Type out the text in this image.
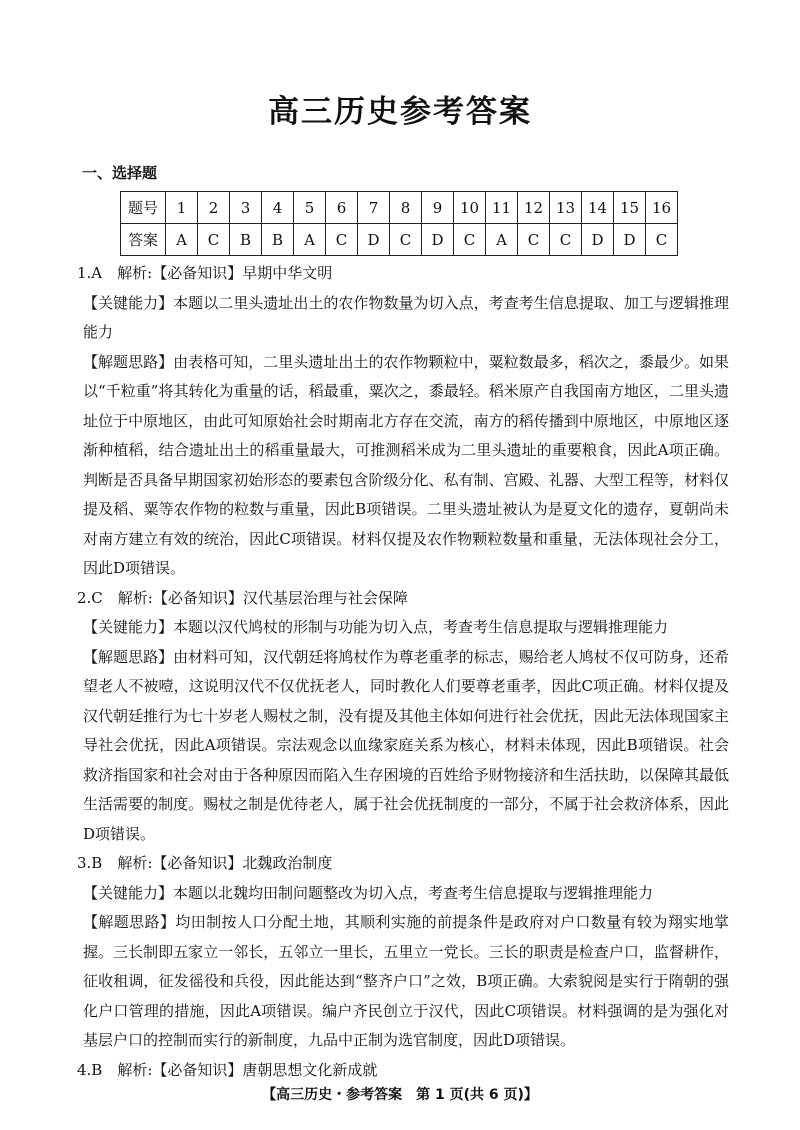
高三历史参考答案
一、选择题
题号	1	2	3	4	5	6	7	8	9	10	11	12	13	14	15	16
答案	A	C	B	B	A	C	D	C	D	C	A	C	C	D	D	C
1.A　解析:【必备知识】早期中华文明
【关键能力】本题以二里头遗址出土的农作物数量为切入点，考查考生信息提取、加工与逻辑推理能力
【解题思路】由表格可知，二里头遗址出土的农作物颗粒中，粟粒数最多，稻次之，黍最少。如果以“千粒重”将其转化为重量的话，稻最重，粟次之，黍最轻。稻米原产自我国南方地区，二里头遗址位于中原地区，由此可知原始社会时期南北方存在交流，南方的稻传播到中原地区，中原地区逐渐种植稻，结合遗址出土的稻重量最大，可推测稻米成为二里头遗址的重要粮食，因此A项正确。判断是否具备早期国家初始形态的要素包含阶级分化、私有制、宫殿、礼器、大型工程等，材料仅提及稻、粟等农作物的粒数与重量，因此B项错误。二里头遗址被认为是夏文化的遗存，夏朝尚未对南方建立有效的统治，因此C项错误。材料仅提及农作物颗粒数量和重量，无法体现社会分工，因此D项错误。
2.C　解析:【必备知识】汉代基层治理与社会保障
【关键能力】本题以汉代鸠杖的形制与功能为切入点，考查考生信息提取与逻辑推理能力
【解题思路】由材料可知，汉代朝廷将鸠杖作为尊老重孝的标志，赐给老人鸠杖不仅可防身，还希望老人不被噎，这说明汉代不仅优抚老人，同时教化人们要尊老重孝，因此C项正确。材料仅提及汉代朝廷推行为七十岁老人赐杖之制，没有提及其他主体如何进行社会优抚，因此无法体现国家主导社会优抚，因此A项错误。宗法观念以血缘家庭关系为核心，材料未体现，因此B项错误。社会救济指国家和社会对由于各种原因而陷入生存困境的百姓给予财物接济和生活扶助，以保障其最低生活需要的制度。赐杖之制是优待老人，属于社会优抚制度的一部分，不属于社会救济体系，因此D项错误。
3.B　解析:【必备知识】北魏政治制度
【关键能力】本题以北魏均田制问题整改为切入点，考查考生信息提取与逻辑推理能力
【解题思路】均田制按人口分配土地，其顺利实施的前提条件是政府对户口数量有较为翔实地掌握。三长制即五家立一邻长，五邻立一里长，五里立一党长。三长的职责是检查户口，监督耕作，征收租调，征发徭役和兵役，因此能达到“整齐户口”之效，B项正确。大索貌阅是实行于隋朝的强化户口管理的措施，因此A项错误。编户齐民创立于汉代，因此C项错误。材料强调的是为强化对基层户口的控制而实行的新制度，九品中正制为选官制度，因此D项错误。
4.B　解析:【必备知识】唐朝思想文化新成就
【高三历史・参考答案　第 1 页(共 6 页)】
